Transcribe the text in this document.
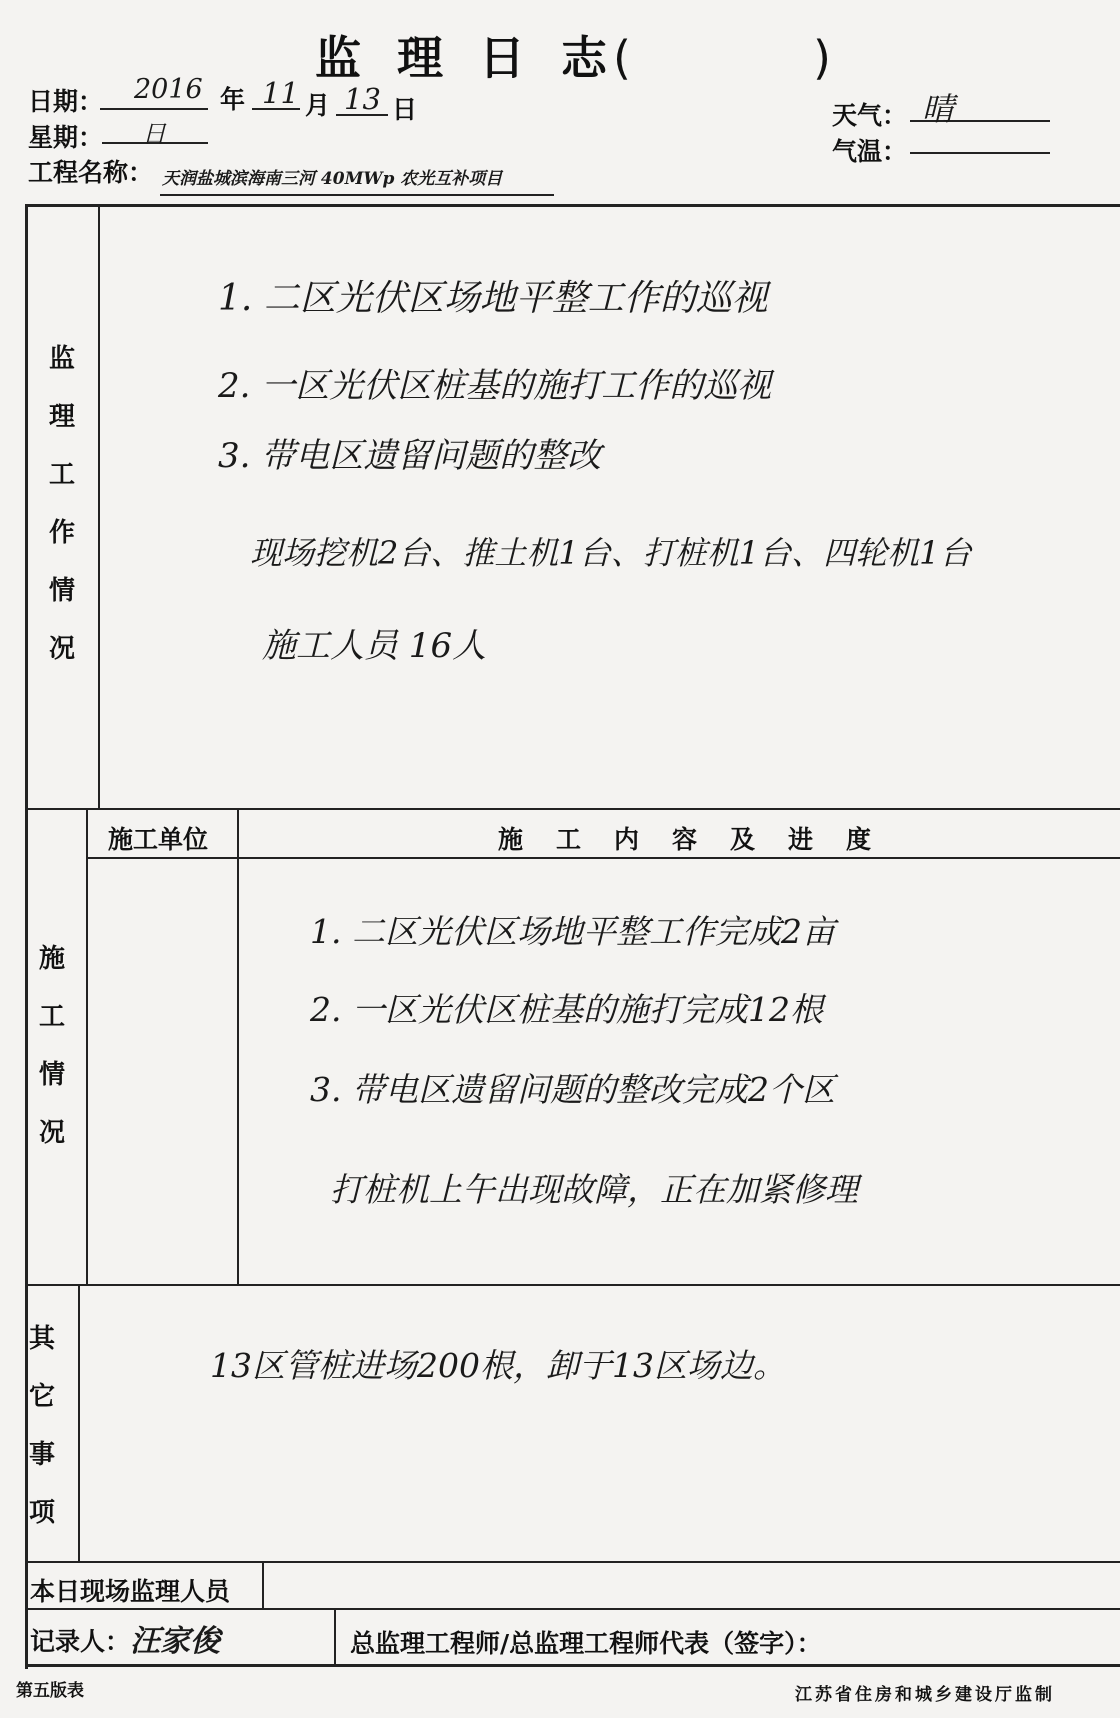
监 理 日 志(	)
日期： 2016 年 11 月 13 日
星期： 日
工程名称： 天润盐城滨海南三河 40MWp 农光互补项目
天气： 晴
气温：
监
理
工
作
情
况
1. 二区光伏区场地平整工作的巡视
2. 一区光伏区桩基的施打工作的巡视
3. 带电区遗留问题的整改
现场挖机2台、推土机1台、打桩机1台、四轮机1台
施工人员 16人
施
工
情
况
施工单位	施工内容及进度
1. 二区光伏区场地平整工作完成2亩
2. 一区光伏区桩基的施打完成12根
3. 带电区遗留问题的整改完成2个区
打桩机上午出现故障，正在加紧修理
其
它
事
项
13区管桩进场200根，卸于13区场边。
本日现场监理人员
记录人： 汪家俊	总监理工程师/总监理工程师代表（签字）：
第五版表	江苏省住房和城乡建设厅监制
